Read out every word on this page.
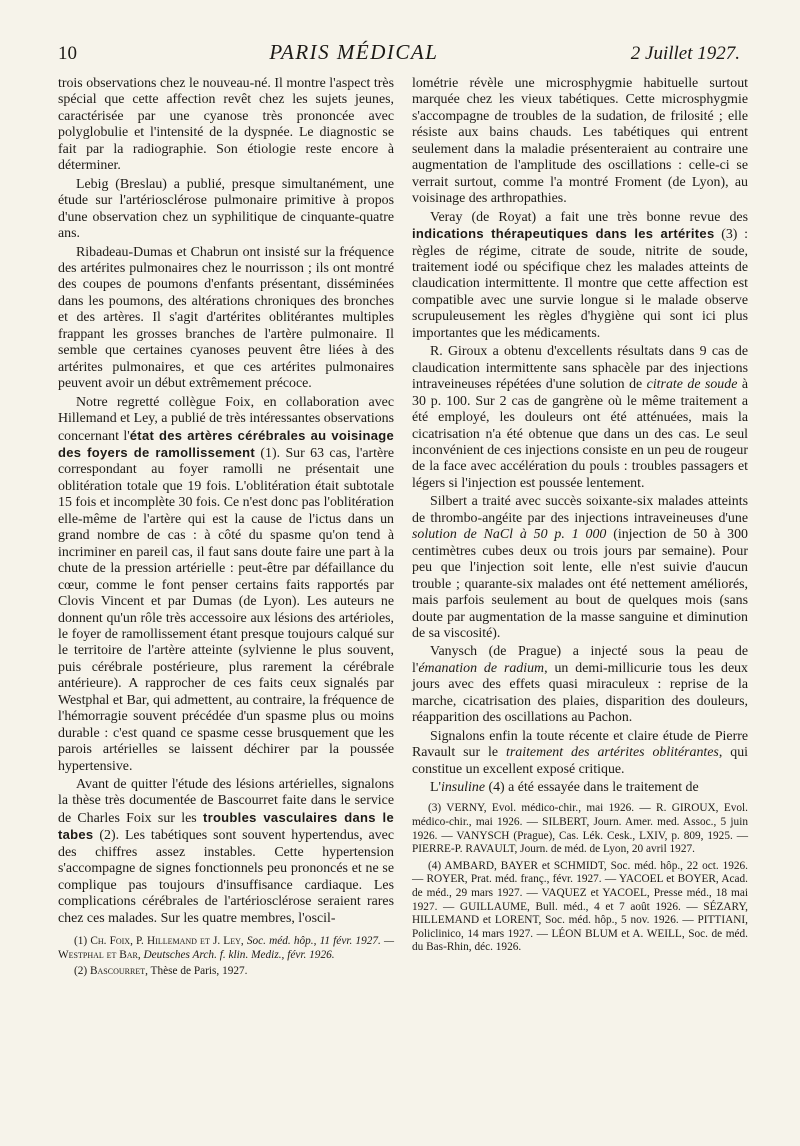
10	PARIS MÉDICAL	2 Juillet 1927.

trois observations chez le nouveau-né. Il montre l'aspect très spécial que cette affection revêt chez les sujets jeunes, caractérisée par une cyanose très prononcée avec polyglobulie et l'intensité de la dyspnée. Le diagnostic se fait par la radiographie. Son étiologie reste encore à déterminer.

Lebig (Breslau) a publié, presque simultanément, une étude sur l'artériosclérose pulmonaire primitive à propos d'une observation chez un syphilitique de cinquante-quatre ans.

Ribadeau-Dumas et Chabrun ont insisté sur la fréquence des artérites pulmonaires chez le nourrisson ; ils ont montré des coupes de poumons d'enfants présentant, disséminées dans les poumons, des altérations chroniques des bronches et des artères. Il s'agit d'artérites oblitérantes multiples frappant les grosses branches de l'artère pulmonaire. Il semble que certaines cyanoses peuvent être liées à des artérites pulmonaires, et que ces artérites pulmonaires peuvent avoir un début extrêmement précoce.

Notre regretté collègue Foix, en collaboration avec Hillemand et Ley, a publié de très intéressantes observations concernant l'état des artères cérébrales au voisinage des foyers de ramollissement (1). Sur 63 cas, l'artère correspondant au foyer ramolli ne présentait une oblitération totale que 19 fois. L'oblitération était subtotale 15 fois et incomplète 30 fois. Ce n'est donc pas l'oblitération elle-même de l'artère qui est la cause de l'ictus dans un grand nombre de cas : à côté du spasme qu'on tend à incriminer en pareil cas, il faut sans doute faire une part à la chute de la pression artérielle : peut-être par défaillance du cœur, comme le font penser certains faits rapportés par Clovis Vincent et par Dumas (de Lyon). Les auteurs ne donnent qu'un rôle très accessoire aux lésions des artérioles, le foyer de ramollissement étant presque toujours calqué sur le territoire de l'artère atteinte (sylvienne le plus souvent, puis cérébrale postérieure, plus rarement la cérébrale antérieure). A rapprocher de ces faits ceux signalés par Westphal et Bar, qui admettent, au contraire, la fréquence de l'hémorragie souvent précédée d'un spasme plus ou moins durable : c'est quand ce spasme cesse brusquement que les parois artérielles se laissent déchirer par la poussée hypertensive.

Avant de quitter l'étude des lésions artérielles, signalons la thèse très documentée de Bascourret faite dans le service de Charles Foix sur les troubles vasculaires dans le tabes (2). Les tabétiques sont souvent hypertendus, avec des chiffres assez instables. Cette hypertension s'accompagne de signes fonctionnels peu prononcés et ne se complique pas toujours d'insuffisance cardiaque. Les complications cérébrales de l'artériosclérose seraient rares chez ces malades. Sur les quatre membres, l'oscil-

(1) Ch. Foix, P. Hillemand et J. Ley, Soc. méd. hôp., 11 févr. 1927. — Westphal et Bar, Deutsches Arch. f. klin. Mediz., févr. 1926.

(2) Bascourret, Thèse de Paris, 1927.

lométrie révèle une microsphygmie habituelle surtout marquée chez les vieux tabétiques. Cette microsphygmie s'accompagne de troubles de la sudation, de frilosité ; elle résiste aux bains chauds. Les tabétiques qui entrent seulement dans la maladie présenteraient au contraire une augmentation de l'amplitude des oscillations : celle-ci se verrait surtout, comme l'a montré Froment (de Lyon), au voisinage des arthropathies.

Veray (de Royat) a fait une très bonne revue des indications thérapeutiques dans les artérites (3) : règles de régime, citrate de soude, nitrite de soude, traitement iodé ou spécifique chez les malades atteints de claudication intermittente. Il montre que cette affection est compatible avec une survie longue si le malade observe scrupuleusement les règles d'hygiène qui sont ici plus importantes que les médicaments.

R. Giroux a obtenu d'excellents résultats dans 9 cas de claudication intermittente sans sphacèle par des injections intraveineuses répétées d'une solution de citrate de soude à 30 p. 100. Sur 2 cas de gangrène où le même traitement a été employé, les douleurs ont été atténuées, mais la cicatrisation n'a été obtenue que dans un des cas. Le seul inconvénient de ces injections consiste en un peu de rougeur de la face avec accélération du pouls : troubles passagers et légers si l'injection est poussée lentement.

Silbert a traité avec succès soixante-six malades atteints de thrombo-angéite par des injections intraveineuses d'une solution de NaCl à 50 p. 1 000 (injection de 50 à 300 centimètres cubes deux ou trois jours par semaine). Pour peu que l'injection soit lente, elle n'est suivie d'aucun trouble ; quarante-six malades ont été nettement améliorés, mais parfois seulement au bout de quelques mois (sans doute par augmentation de la masse sanguine et diminution de sa viscosité).

Vanysch (de Prague) a injecté sous la peau de l'émanation de radium, un demi-millicurie tous les deux jours avec des effets quasi miraculeux : reprise de la marche, cicatrisation des plaies, disparition des douleurs, réapparition des oscillations au Pachon.

Signalons enfin la toute récente et claire étude de Pierre Ravault sur le traitement des artérites oblitérantes, qui constitue un excellent exposé critique.

L'insuline (4) a été essayée dans le traitement de

(3) VERNY, Evol. médico-chir., mai 1926. — R. GIROUX, Evol. médico-chir., mai 1926. — SILBERT, Journ. Amer. med. Assoc., 5 juin 1926. — VANYSCH (Prague), Cas. Lék. Cesk., LXIV, p. 809, 1925. — PIERRE-P. RAVAULT, Journ. de méd. de Lyon, 20 avril 1927.

(4) AMBARD, BAYER et SCHMIDT, Soc. méd. hôp., 22 oct. 1926. — ROYER, Prat. méd. franç., févr. 1927. — YACOEL et BOYER, Acad. de méd., 29 mars 1927. — VAQUEZ et YACOEL, Presse méd., 18 mai 1927. — GUILLAUME, Bull. méd., 4 et 7 août 1926. — SÉZARY, HILLEMAND et LORENT, Soc. méd. hôp., 5 nov. 1926. — PITTIANI, Policlinico, 14 mars 1927. — LÉON BLUM et A. WEILL, Soc. de méd. du Bas-Rhin, déc. 1926.
